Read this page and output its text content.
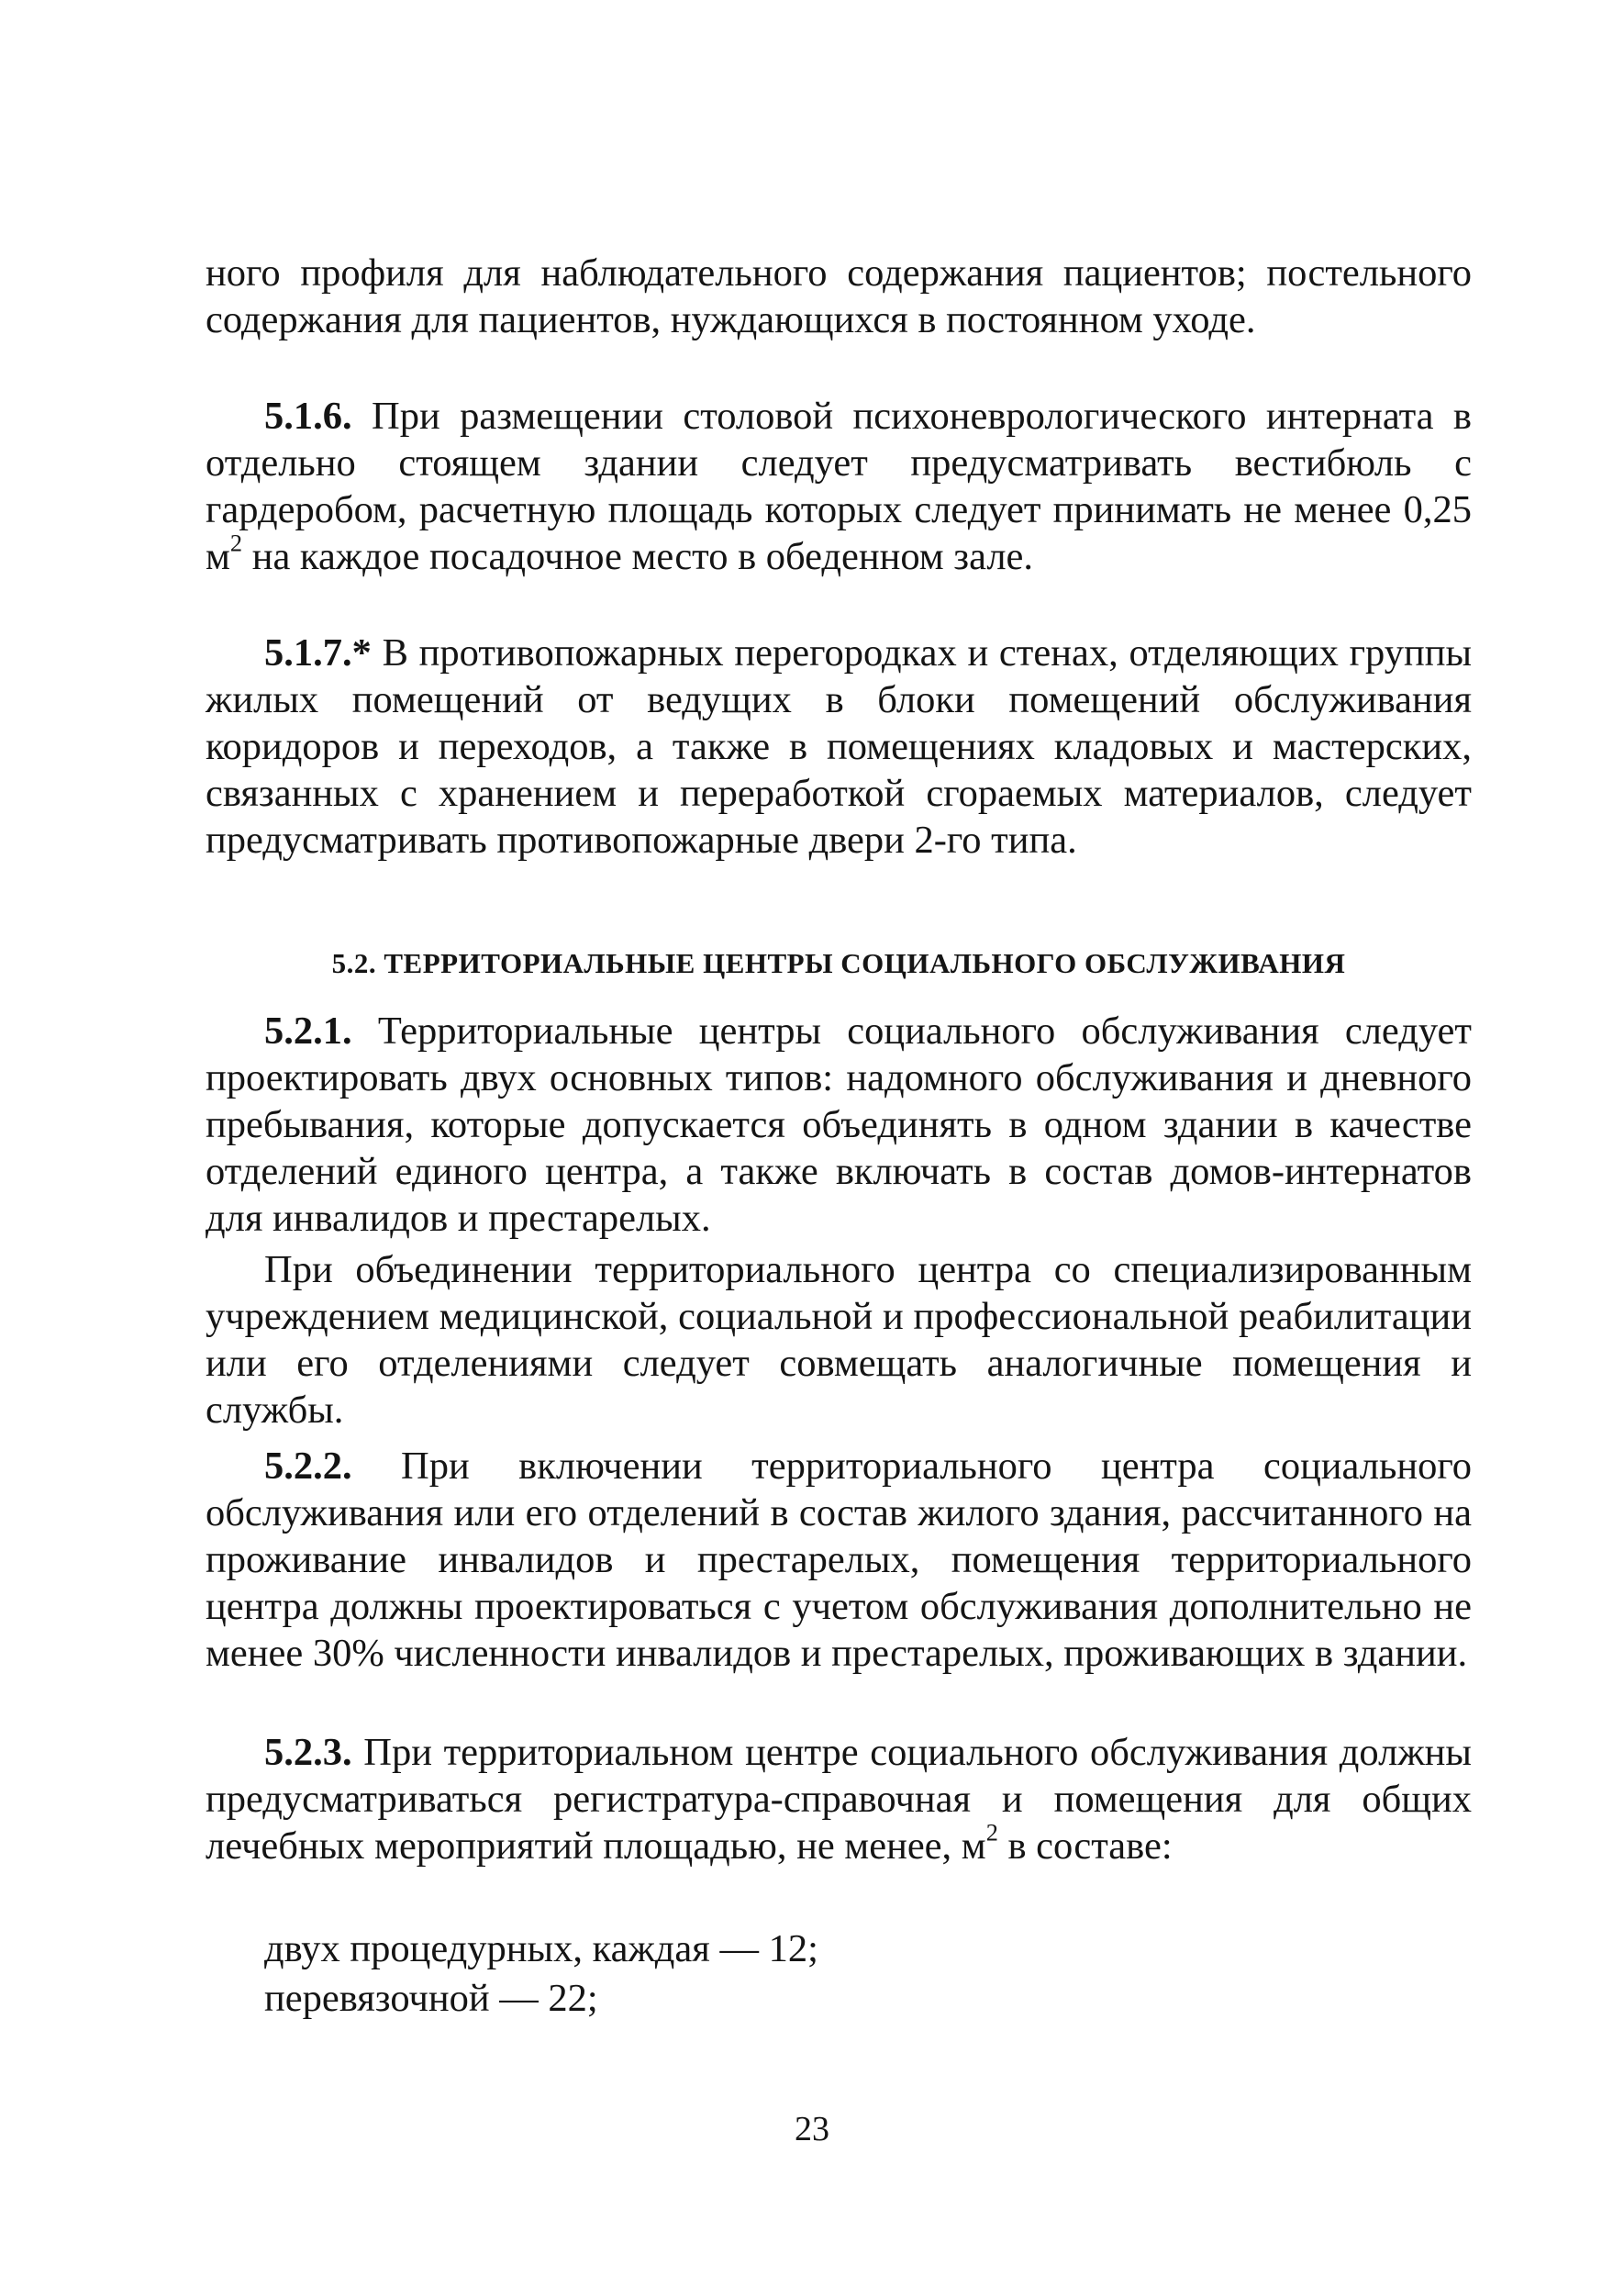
ного профиля для наблюдательного содержания пациентов; постельного содержания для пациентов, нуждающихся в постоянном уходе.

5.1.6. При размещении столовой психоневрологического интерната в отдельно стоящем здании следует предусматривать вестибюль с гардеробом, расчетную площадь которых следует принимать не менее 0,25 $м^2$ на каждое посадочное место в обеденном зале.

5.1.7.* В противопожарных перегородках и стенах, отделяющих группы жилых помещений от ведущих в блоки помещений обслуживания коридоров и переходов, а также в помещениях кладовых и мастерских, связанных с хранением и переработкой сгораемых материалов, следует предусматривать противопожарные двери 2-го типа.

5.2. ТЕРРИТОРИАЛЬНЫЕ ЦЕНТРЫ СОЦИАЛЬНОГО ОБСЛУЖИВАНИЯ

5.2.1. Территориальные центры социального обслуживания следует проектировать двух основных типов: надомного обслуживания и дневного пребывания, которые допускается объединять в одном здании в качестве отделений единого центра, а также включать в состав домов-интернатов для инвалидов и престарелых.

При объединении территориального центра со специализированным учреждением медицинской, социальной и профессиональной реабилитации или его отделениями следует совмещать аналогичные помещения и службы.

5.2.2. При включении территориального центра социального обслуживания или его отделений в состав жилого здания, рассчитанного на проживание инвалидов и престарелых, помещения территориального центра должны проектироваться с учетом обслуживания дополнительно не менее 30% численности инвалидов и престарелых, проживающих в здании.

5.2.3. При территориальном центре социального обслуживания должны предусматриваться регистратура-справочная и помещения для общих лечебных мероприятий площадью, не менее, $м^2$ в составе:

двух процедурных, каждая — 12;

перевязочной — 22;

23
